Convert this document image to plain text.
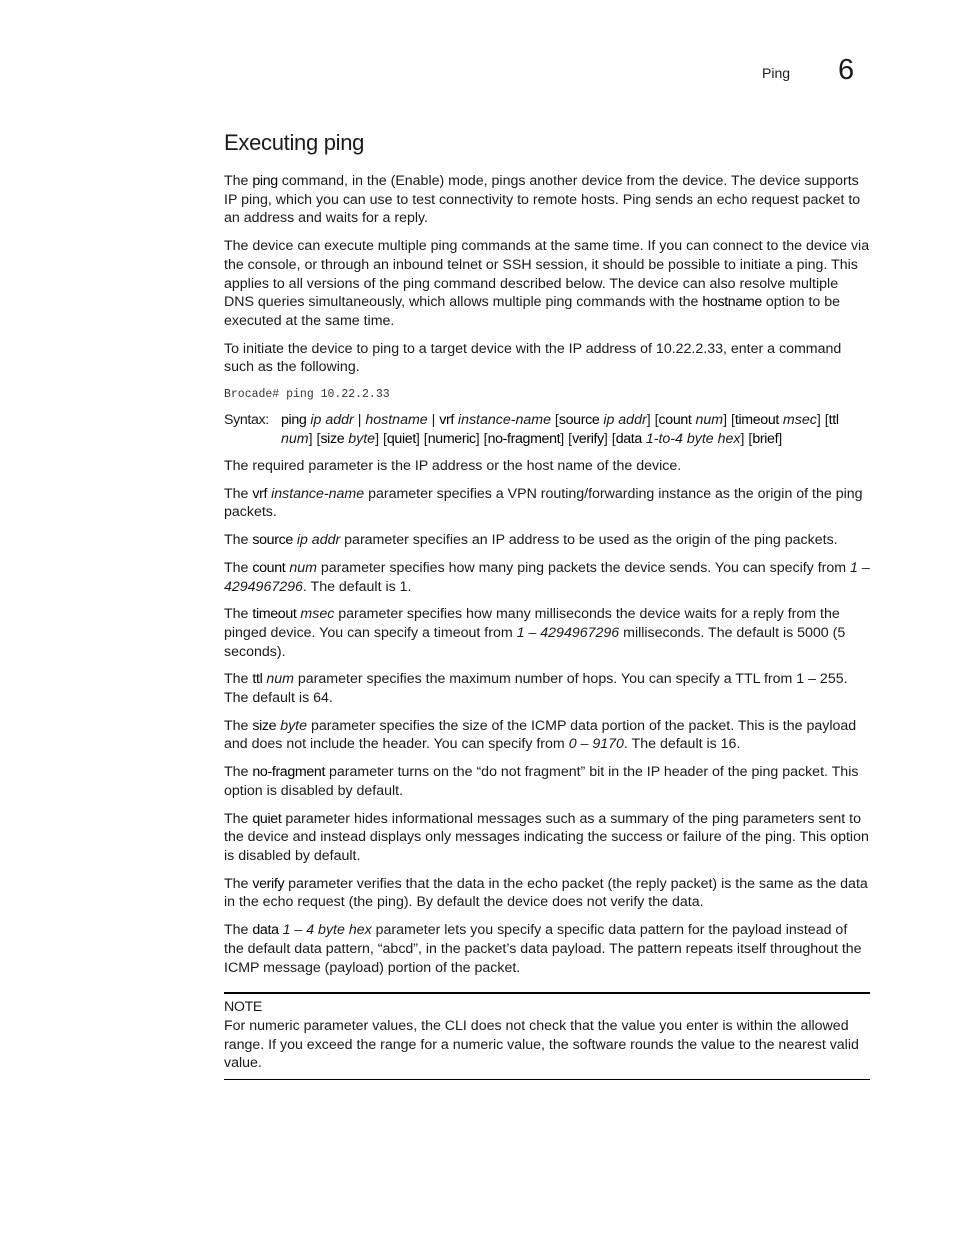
Ping 6
Executing ping

The ping command, in the (Enable) mode, pings another device from the device. The device supports IP ping, which you can use to test connectivity to remote hosts. Ping sends an echo request packet to an address and waits for a reply.

The device can execute multiple ping commands at the same time. If you can connect to the device via the console, or through an inbound telnet or SSH session, it should be possible to initiate a ping. This applies to all versions of the ping command described below. The device can also resolve multiple DNS queries simultaneously, which allows multiple ping commands with the hostname option to be executed at the same time.

To initiate the device to ping to a target device with the IP address of 10.22.2.33, enter a command such as the following.

Brocade# ping 10.22.2.33
Syntax: ping ip addr | hostname | vrf instance-name [source ip addr] [count num] [timeout msec] [ttl num] [size byte] [quiet] [numeric] [no-fragment] [verify] [data 1-to-4 byte hex] [brief]

The required parameter is the IP address or the host name of the device.

The vrf instance-name parameter specifies a VPN routing/forwarding instance as the origin of the ping packets.

The source ip addr parameter specifies an IP address to be used as the origin of the ping packets.

The count num parameter specifies how many ping packets the device sends. You can specify from 1 – 4294967296. The default is 1.

The timeout msec parameter specifies how many milliseconds the device waits for a reply from the pinged device. You can specify a timeout from 1 – 4294967296 milliseconds. The default is 5000 (5 seconds).

The ttl num parameter specifies the maximum number of hops. You can specify a TTL from 1 – 255. The default is 64.

The size byte parameter specifies the size of the ICMP data portion of the packet. This is the payload and does not include the header. You can specify from 0 – 9170. The default is 16.

The no-fragment parameter turns on the “do not fragment” bit in the IP header of the ping packet. This option is disabled by default.

The quiet parameter hides informational messages such as a summary of the ping parameters sent to the device and instead displays only messages indicating the success or failure of the ping. This option is disabled by default.

The verify parameter verifies that the data in the echo packet (the reply packet) is the same as the data in the echo request (the ping). By default the device does not verify the data.

The data 1 – 4 byte hex parameter lets you specify a specific data pattern for the payload instead of the default data pattern, “abcd”, in the packet’s data payload. The pattern repeats itself throughout the ICMP message (payload) portion of the packet.

NOTE

For numeric parameter values, the CLI does not check that the value you enter is within the allowed range. If you exceed the range for a numeric value, the software rounds the value to the nearest valid value.
